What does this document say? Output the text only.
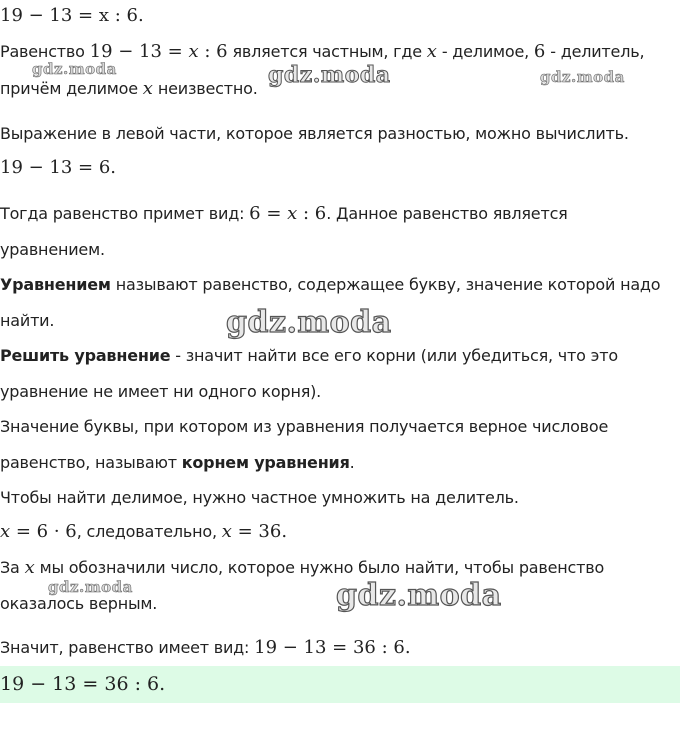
19 − 13 = x : 6.
Равенство 19 − 13 = x : 6 является частным, где x - делимое, 6 - делитель,
причём делимое x неизвестно.
Выражение в левой части, которое является разностью, можно вычислить.
19 − 13 = 6.
Тогда равенство примет вид: 6 = x : 6. Данное равенство является
уравнением.
Уравнением называют равенство, содержащее букву, значение которой надо
найти.
Решить уравнение - значит найти все его корни (или убедиться, что это
уравнение не имеет ни одного корня).
Значение буквы, при котором из уравнения получается верное числовое
равенство, называют корнем уравнения.
Чтобы найти делимое, нужно частное умножить на делитель.
x = 6 · 6, следовательно, x = 36.
За x мы обозначили число, которое нужно было найти, чтобы равенство
оказалось верным.
Значит, равенство имеет вид: 19 − 13 = 36 : 6.
19 − 13 = 36 : 6.
gdz.moda	gdz.moda	gdz.moda
gdz.moda
gdz.moda	gdz.moda
